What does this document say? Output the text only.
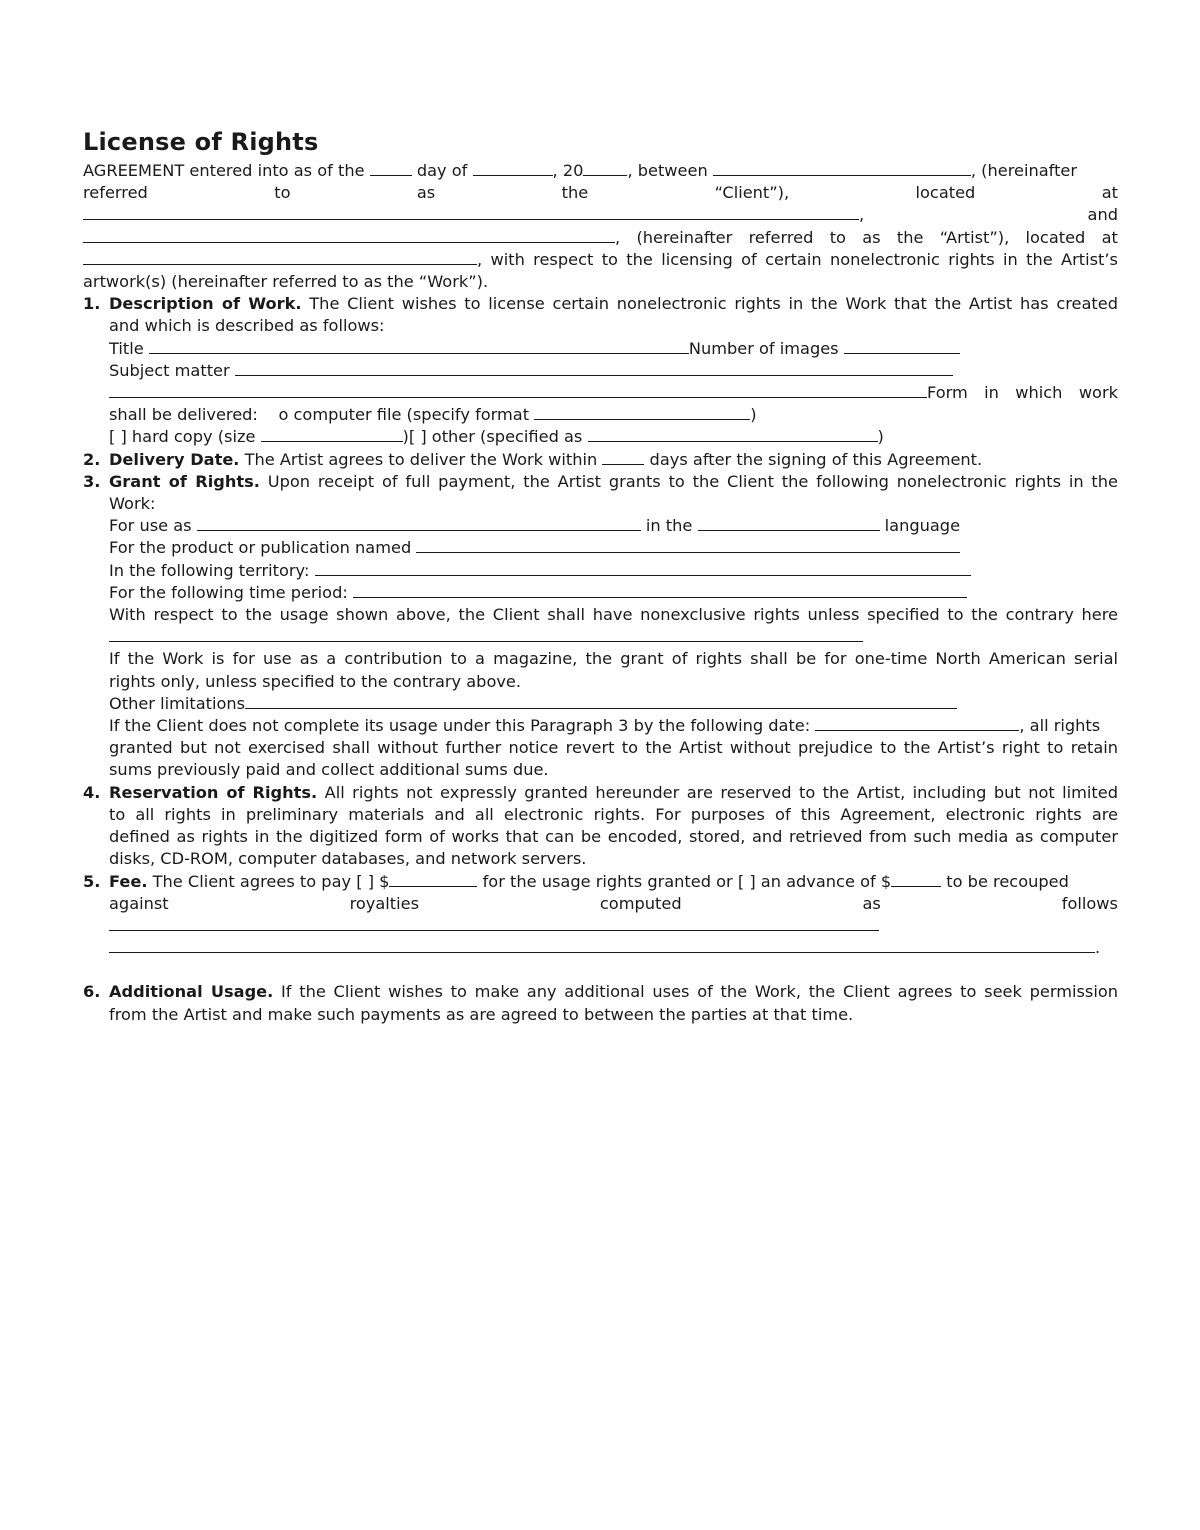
License of Rights
AGREEMENT entered into as of the	day of	, 20	, between	, (hereinafter
referred	to	as	the	“Client”),	located	at
,	and
, (hereinafter referred to as the “Artist”), located at
, with respect to the licensing of certain nonelectronic rights in the Artist’s
artwork(s) (hereinafter referred to as the “Work”).
1. Description of Work. The Client wishes to license certain nonelectronic rights in the Work that the Artist has created
and which is described as follows:
Title	Number of images
Subject matter
Form in which work
shall be delivered: o computer file (specify format	)
[ ] hard copy (size	)[ ] other (specified as	)
2. Delivery Date. The Artist agrees to deliver the Work within	days after the signing of this Agreement.
3. Grant of Rights. Upon receipt of full payment, the Artist grants to the Client the following nonelectronic rights in the
Work:
For use as	in the	language
For the product or publication named
In the following territory:
For the following time period:
With respect to the usage shown above, the Client shall have nonexclusive rights unless specified to the contrary here
If the Work is for use as a contribution to a magazine, the grant of rights shall be for one-time North American serial
rights only, unless specified to the contrary above.
Other limitations
If the Client does not complete its usage under this Paragraph 3 by the following date:	, all rights
granted but not exercised shall without further notice revert to the Artist without prejudice to the Artist’s right to retain
sums previously paid and collect additional sums due.
4. Reservation of Rights. All rights not expressly granted hereunder are reserved to the Artist, including but not limited
to all rights in preliminary materials and all electronic rights. For purposes of this Agreement, electronic rights are
defined as rights in the digitized form of works that can be encoded, stored, and retrieved from such media as computer
disks, CD-ROM, computer databases, and network servers.
5. Fee. The Client agrees to pay [ ] $	for the usage rights granted or [ ] an advance of $	to be recouped
against	royalties	computed	as	follows
.
6. Additional Usage. If the Client wishes to make any additional uses of the Work, the Client agrees to seek permission
from the Artist and make such payments as are agreed to between the parties at that time.
